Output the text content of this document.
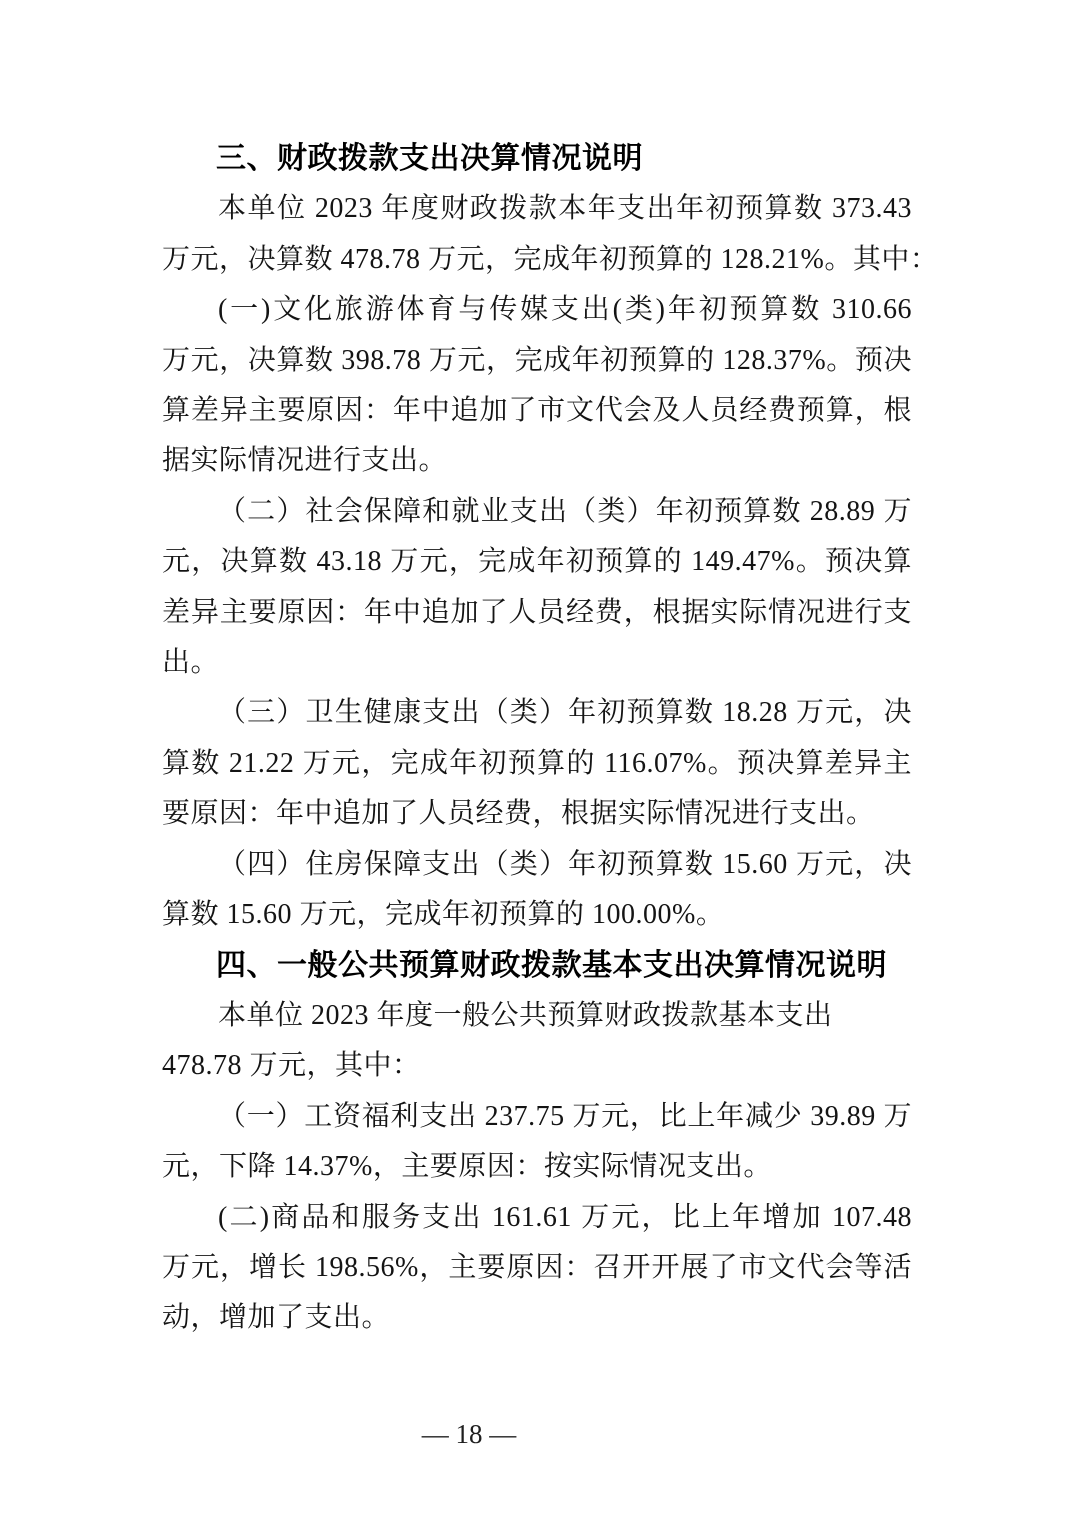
三、财政拨款支出决算情况说明
本单位 2023 年度财政拨款本年支出年初预算数 373.43
万元，决算数 478.78 万元，完成年初预算的 128.21%。其中：
(一)文化旅游体育与传媒支出(类)年初预算数 310.66
万元，决算数 398.78 万元，完成年初预算的 128.37%。预决
算差异主要原因：年中追加了市文代会及人员经费预算，根
据实际情况进行支出。
（二）社会保障和就业支出（类）年初预算数 28.89 万
元，决算数 43.18 万元，完成年初预算的 149.47%。预决算
差异主要原因：年中追加了人员经费，根据实际情况进行支
出。
（三）卫生健康支出（类）年初预算数 18.28 万元，决
算数 21.22 万元，完成年初预算的 116.07%。预决算差异主
要原因：年中追加了人员经费，根据实际情况进行支出。
（四）住房保障支出（类）年初预算数 15.60 万元，决
算数 15.60 万元，完成年初预算的 100.00%。
四、一般公共预算财政拨款基本支出决算情况说明
本单位 2023 年度一般公共预算财政拨款基本支出
478.78 万元，其中：
（一）工资福利支出 237.75 万元，比上年减少 39.89 万
元，下降 14.37%，主要原因：按实际情况支出。
(二)商品和服务支出 161.61 万元，比上年增加 107.48
万元，增长 198.56%，主要原因：召开开展了市文代会等活
动，增加了支出。
— 18 —
